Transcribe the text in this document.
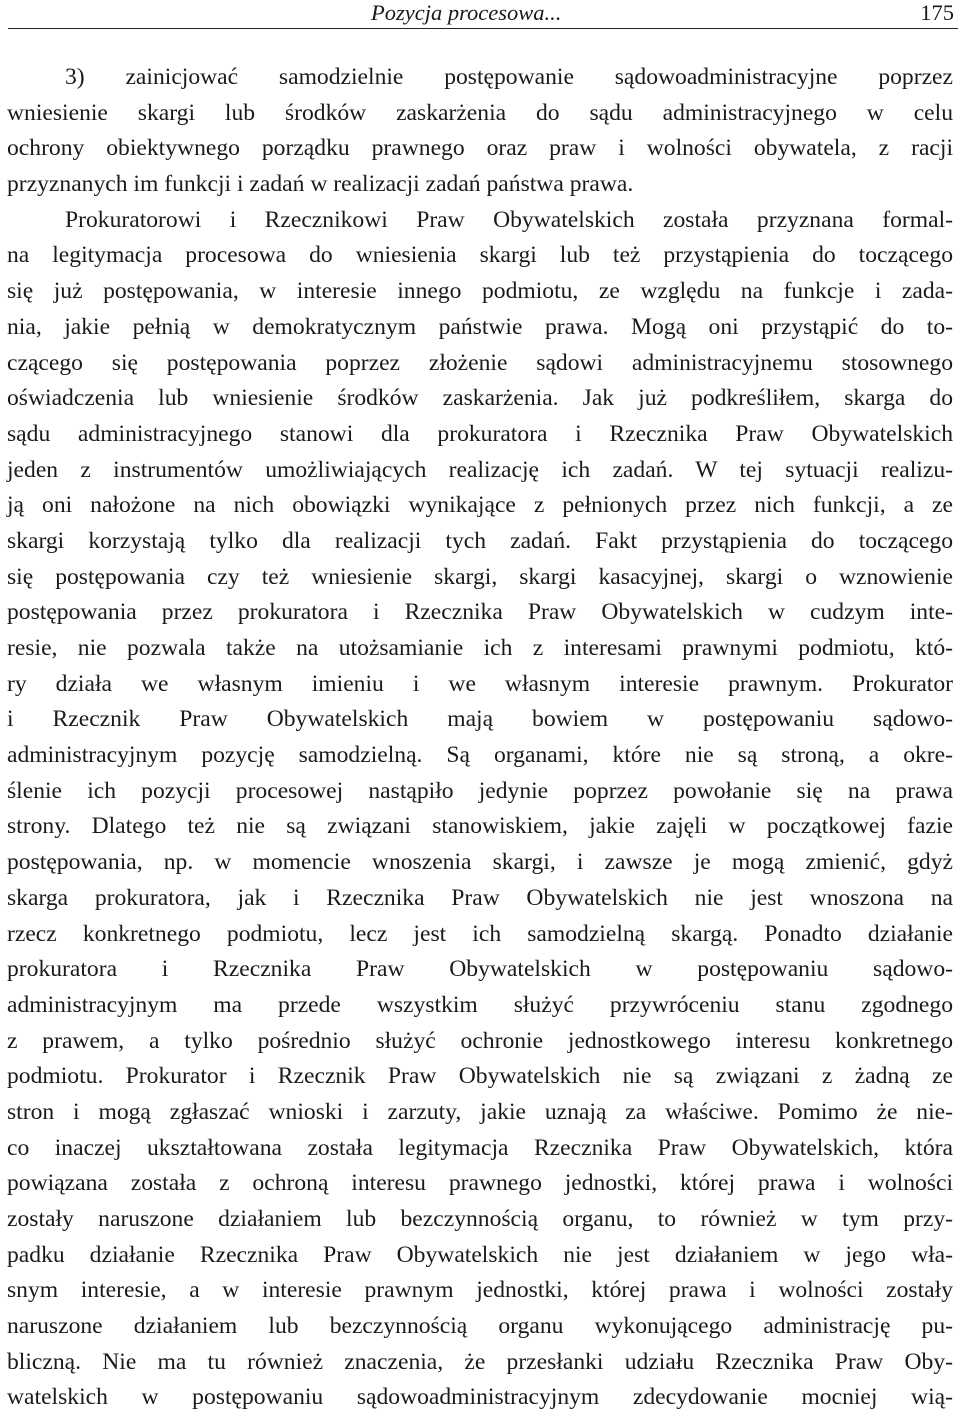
Pozycja procesowa...	175
3) zainicjować samodzielnie postępowanie sądowoadministracyjne poprzez
wniesienie skargi lub środków zaskarżenia do sądu administracyjnego w celu
ochrony obiektywnego porządku prawnego oraz praw i wolności obywatela, z racji
przyznanych im funkcji i zadań w realizacji zadań państwa prawa.
Prokuratorowi i Rzecznikowi Praw Obywatelskich została przyznana formal-
na legitymacja procesowa do wniesienia skargi lub też przystąpienia do toczącego
się już postępowania, w interesie innego podmiotu, ze względu na funkcje i zada-
nia, jakie pełnią w demokratycznym państwie prawa. Mogą oni przystąpić do to-
czącego się postępowania poprzez złożenie sądowi administracyjnemu stosownego
oświadczenia lub wniesienie środków zaskarżenia. Jak już podkreśliłem, skarga do
sądu administracyjnego stanowi dla prokuratora i Rzecznika Praw Obywatelskich
jeden z instrumentów umożliwiających realizację ich zadań. W tej sytuacji realizu-
ją oni nałożone na nich obowiązki wynikające z pełnionych przez nich funkcji, a ze
skargi korzystają tylko dla realizacji tych zadań. Fakt przystąpienia do toczącego
się postępowania czy też wniesienie skargi, skargi kasacyjnej, skargi o wznowienie
postępowania przez prokuratora i Rzecznika Praw Obywatelskich w cudzym inte-
resie, nie pozwala także na utożsamianie ich z interesami prawnymi podmiotu, któ-
ry działa we własnym imieniu i we własnym interesie prawnym. Prokurator
i Rzecznik Praw Obywatelskich mają bowiem w postępowaniu sądowo-
administracyjnym pozycję samodzielną. Są organami, które nie są stroną, a okre-
ślenie ich pozycji procesowej nastąpiło jedynie poprzez powołanie się na prawa
strony. Dlatego też nie są związani stanowiskiem, jakie zajęli w początkowej fazie
postępowania, np. w momencie wnoszenia skargi, i zawsze je mogą zmienić, gdyż
skarga prokuratora, jak i Rzecznika Praw Obywatelskich nie jest wnoszona na
rzecz konkretnego podmiotu, lecz jest ich samodzielną skargą. Ponadto działanie
prokuratora i Rzecznika Praw Obywatelskich w postępowaniu sądowo-
administracyjnym ma przede wszystkim służyć przywróceniu stanu zgodnego
z prawem, a tylko pośrednio służyć ochronie jednostkowego interesu konkretnego
podmiotu. Prokurator i Rzecznik Praw Obywatelskich nie są związani z żadną ze
stron i mogą zgłaszać wnioski i zarzuty, jakie uznają za właściwe. Pomimo że nie-
co inaczej ukształtowana została legitymacja Rzecznika Praw Obywatelskich, która
powiązana została z ochroną interesu prawnego jednostki, której prawa i wolności
zostały naruszone działaniem lub bezczynnością organu, to również w tym przy-
padku działanie Rzecznika Praw Obywatelskich nie jest działaniem w jego wła-
snym interesie, a w interesie prawnym jednostki, której prawa i wolności zostały
naruszone działaniem lub bezczynnością organu wykonującego administrację pu-
bliczną. Nie ma tu również znaczenia, że przesłanki udziału Rzecznika Praw Oby-
watelskich w postępowaniu sądowoadministracyjnym zdecydowanie mocniej wią-
